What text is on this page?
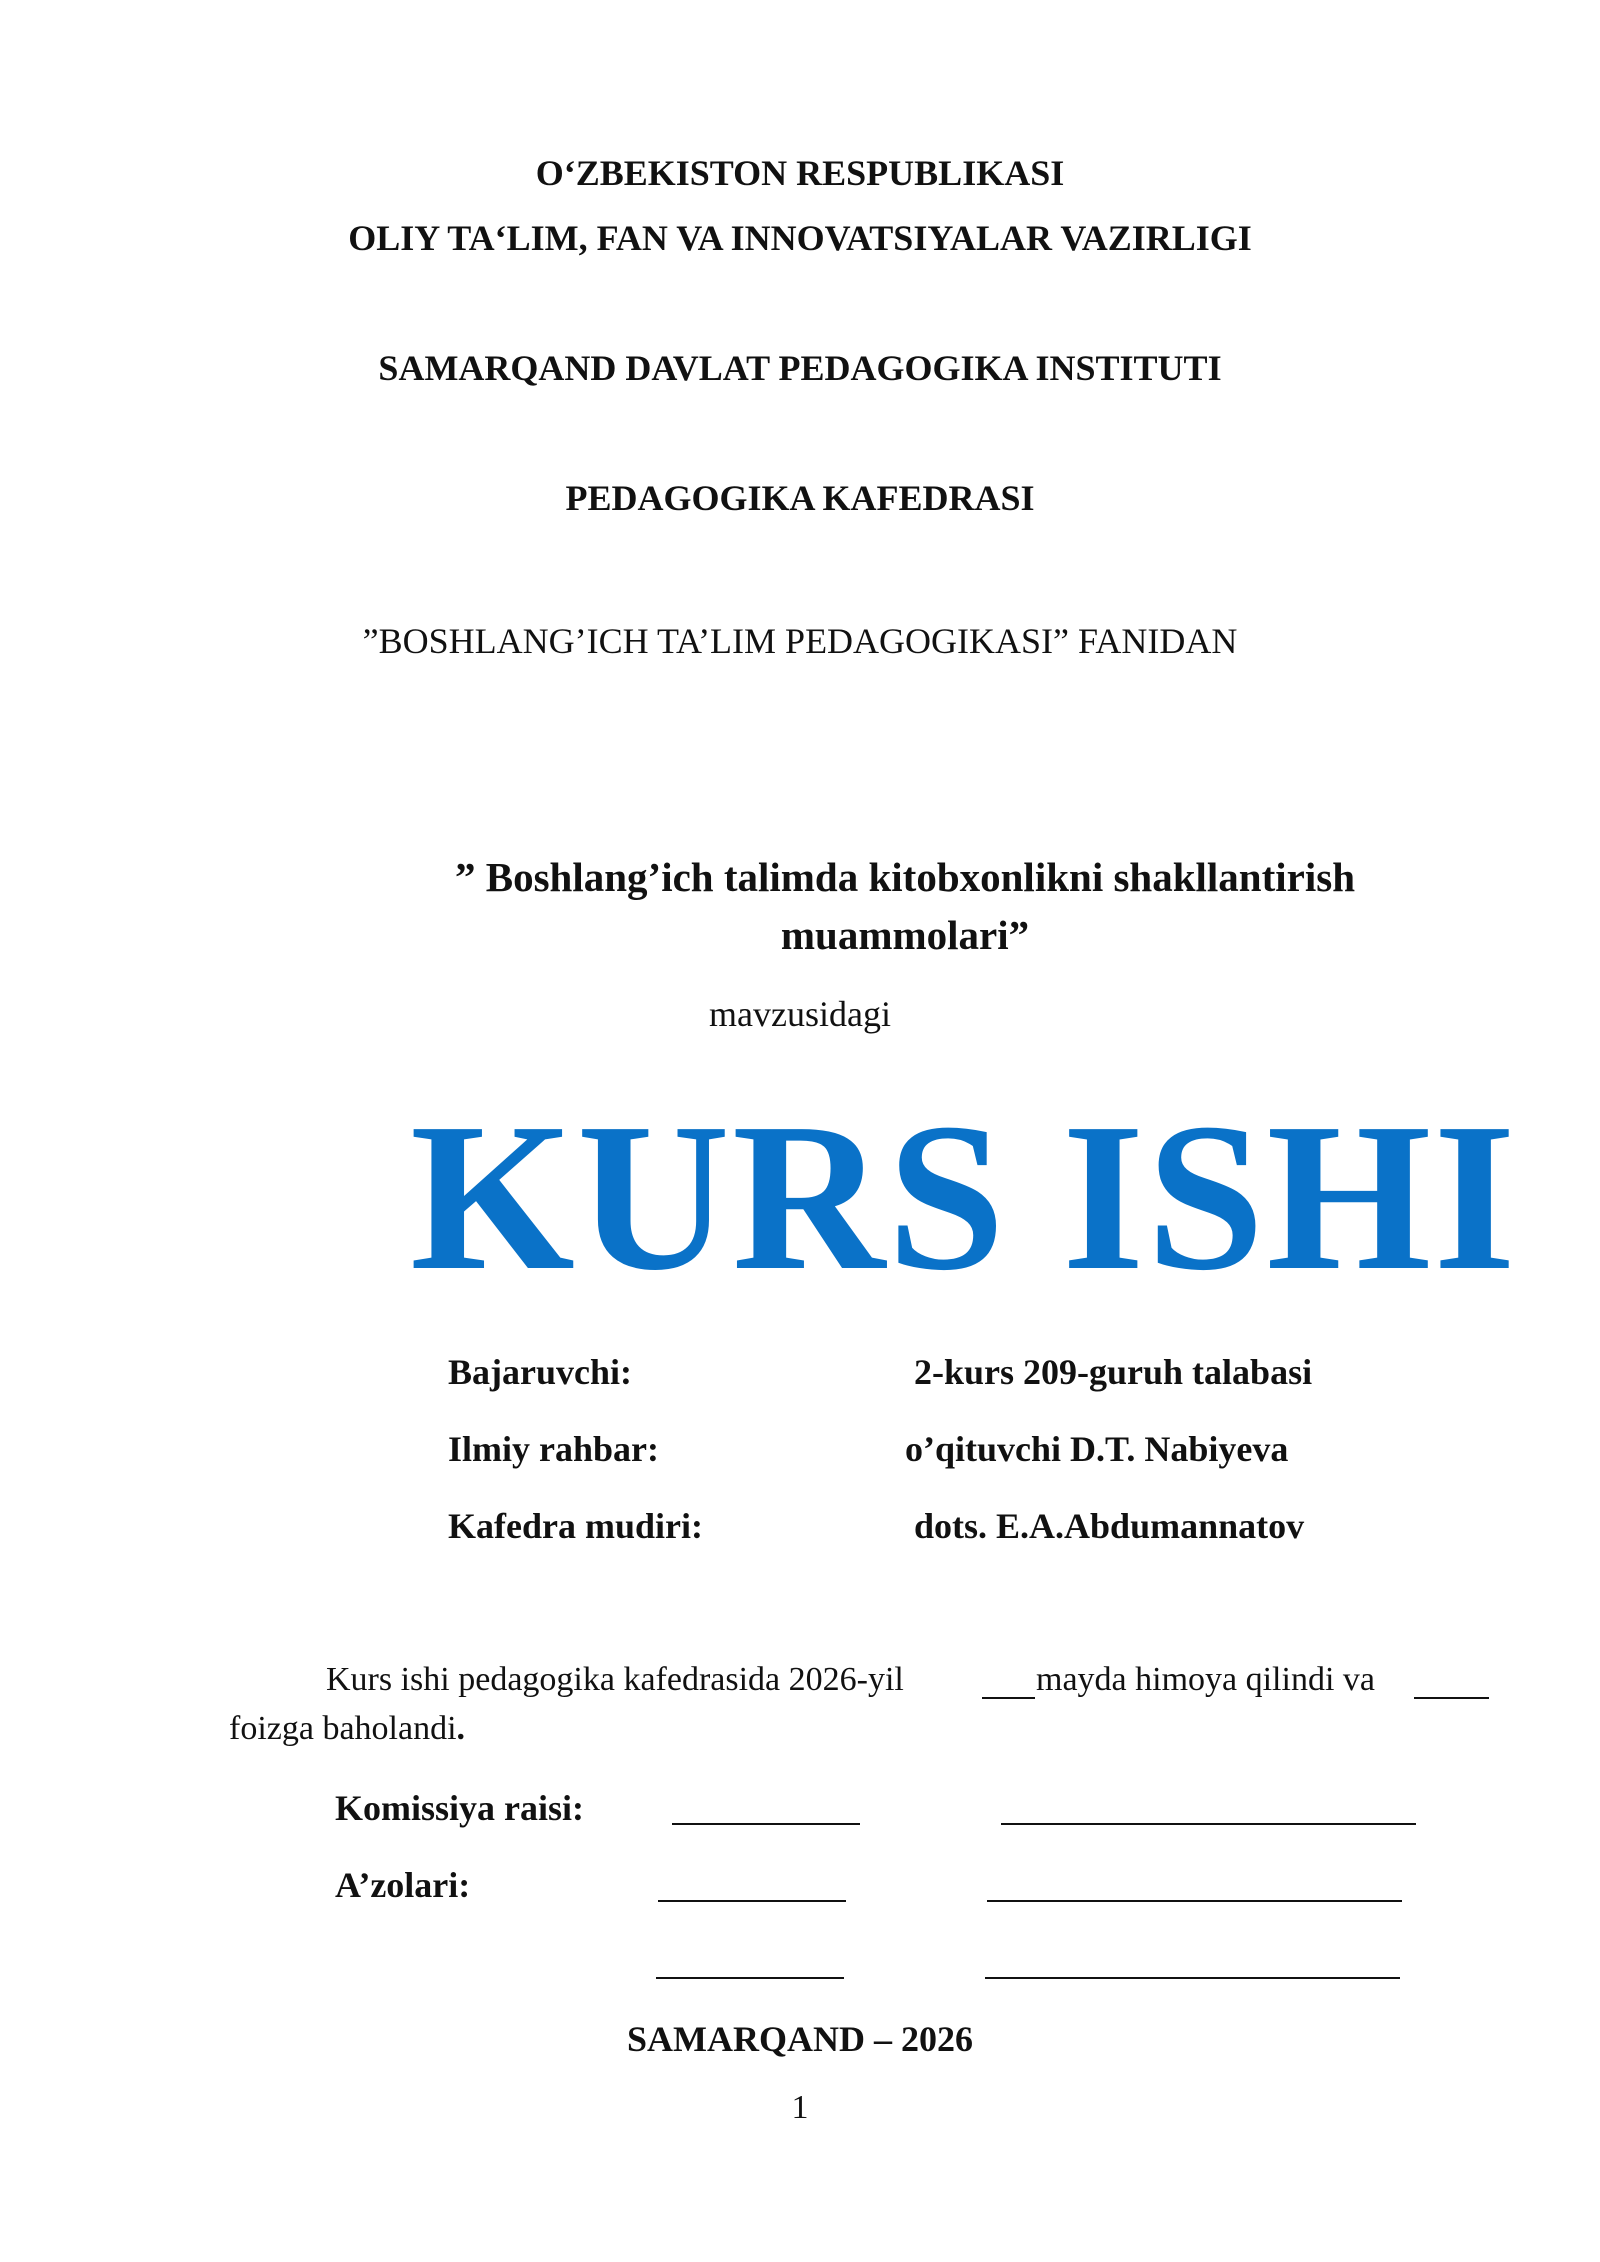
O‘ZBEKISTON RESPUBLIKASI
OLIY TA‘LIM, FAN VA INNOVATSIYALAR VAZIRLIGI
SAMARQAND DAVLAT PEDAGOGIKA INSTITUTI
PEDAGOGIKA KAFEDRASI
”BOSHLANG’ICH TA’LIM PEDAGOGIKASI” FANIDAN
” Boshlang’ich talimda kitobxonlikni shakllantirish
muammolari”
mavzusidagi
KURS ISHI
Bajaruvchi:	2-kurs 209-guruh talabasi
Ilmiy rahbar:	o’qituvchi D.T. Nabiyeva
Kafedra mudiri:	dots. E.A.Abdumannatov
Kurs ishi pedagogika kafedrasida 2026-yil	mayda himoya qilindi va
foizga baholandi.
Komissiya raisi:
A’zolari:
SAMARQAND – 2026
1
